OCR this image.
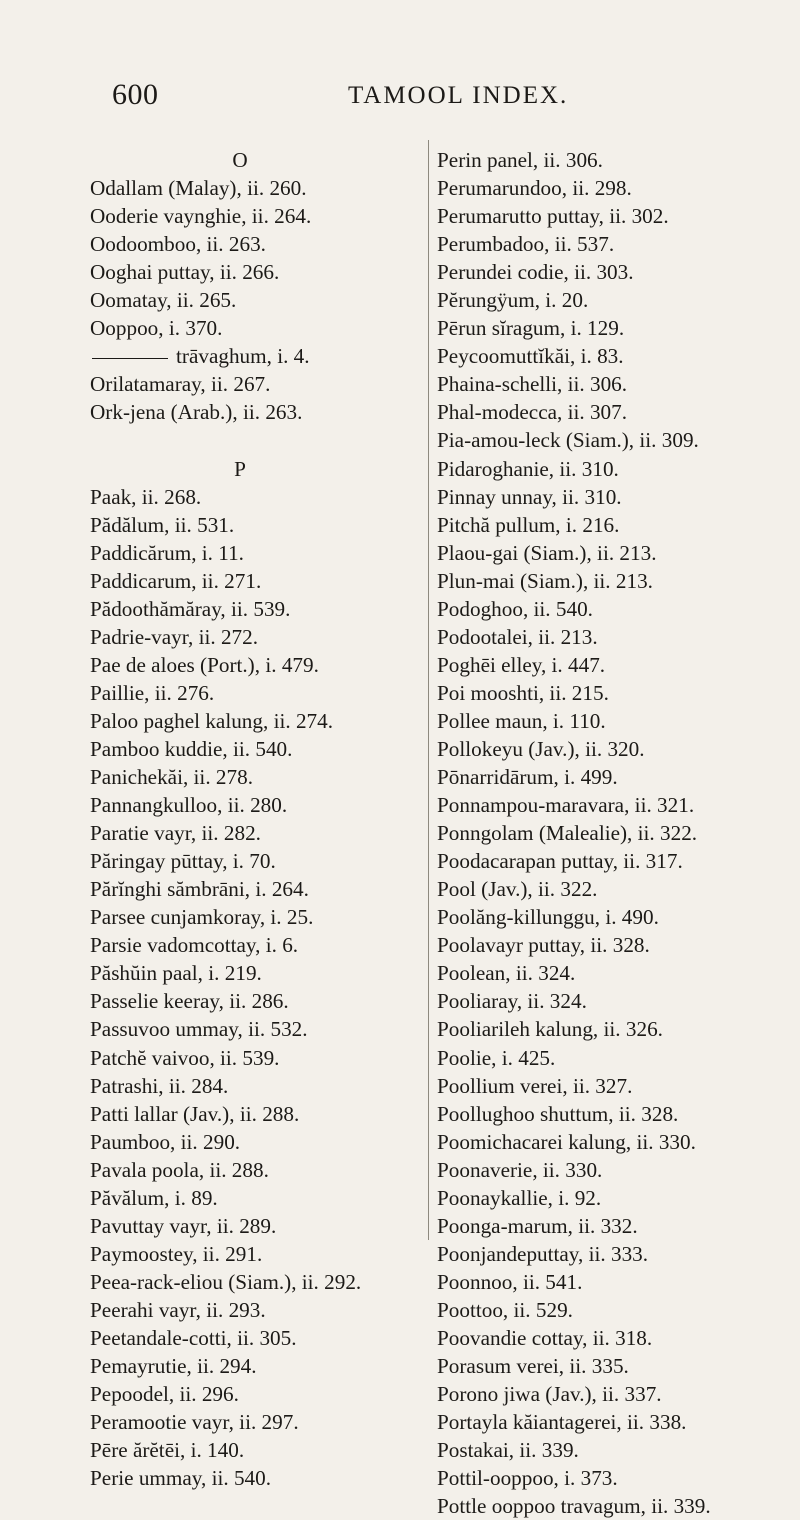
600	TAMOOL INDEX.
O
Odallam (Malay), ii. 260.
Ooderie vaynghie, ii. 264.
Oodoomboo, ii. 263.
Ooghai puttay, ii. 266.
Oomatay, ii. 265.
Ooppoo, i. 370.
trāvaghum, i. 4.
Orilatamaray, ii. 267.
Ork-jena (Arab.), ii. 263.

P
Paak, ii. 268.
Pădălum, ii. 531.
Paddicărum, i. 11.
Paddicarum, ii. 271.
Pădoothămăray, ii. 539.
Padrie-vayr, ii. 272.
Pae de aloes (Port.), i. 479.
Paillie, ii. 276.
Paloo paghel kalung, ii. 274.
Pamboo kuddie, ii. 540.
Panichekăi, ii. 278.
Pannangkulloo, ii. 280.
Paratie vayr, ii. 282.
Păringay pūttay, i. 70.
Părĭnghi sămbrāni, i. 264.
Parsee cunjamkoray, i. 25.
Parsie vadomcottay, i. 6.
Păshŭin paal, i. 219.
Passelie keeray, ii. 286.
Passuvoo ummay, ii. 532.
Patchĕ vaivoo, ii. 539.
Patrashi, ii. 284.
Patti lallar (Jav.), ii. 288.
Paumboo, ii. 290.
Pavala poola, ii. 288.
Păvălum, i. 89.
Pavuttay vayr, ii. 289.
Paymoostey, ii. 291.
Peea-rack-eliou (Siam.), ii. 292.
Peerahi vayr, ii. 293.
Peetandale-cotti, ii. 305.
Pemayrutie, ii. 294.
Pepoodel, ii. 296.
Peramootie vayr, ii. 297.
Pēre ărĕtēi, i. 140.
Perie ummay, ii. 540.
Perin panel, ii. 306.
Perumarundoo, ii. 298.
Perumarutto puttay, ii. 302.
Perumbadoo, ii. 537.
Perundei codie, ii. 303.
Pĕrungÿum, i. 20.
Pērun sĭragum, i. 129.
Peycoomuttĭkăi, i. 83.
Phaina-schelli, ii. 306.
Phal-modecca, ii. 307.
Pia-amou-leck (Siam.), ii. 309.
Pidaroghanie, ii. 310.
Pinnay unnay, ii. 310.
Pitchă pullum, i. 216.
Plaou-gai (Siam.), ii. 213.
Plun-mai (Siam.), ii. 213.
Podoghoo, ii. 540.
Podootalei, ii. 213.
Poghēi elley, i. 447.
Poi mooshti, ii. 215.
Pollee maun, i. 110.
Pollokeyu (Jav.), ii. 320.
Pōnarridārum, i. 499.
Ponnampou-maravara, ii. 321.
Ponngolam (Malealie), ii. 322.
Poodacarapan puttay, ii. 317.
Pool (Jav.), ii. 322.
Poolăng-killunggu, i. 490.
Poolavayr puttay, ii. 328.
Poolean, ii. 324.
Pooliaray, ii. 324.
Pooliarileh kalung, ii. 326.
Poolie, i. 425.
Poollium verei, ii. 327.
Poollughoo shuttum, ii. 328.
Poomichacarei kalung, ii. 330.
Poonaverie, ii. 330.
Poonaykallie, i. 92.
Poonga-marum, ii. 332.
Poonjandeputtay, ii. 333.
Poonnoo, ii. 541.
Poottoo, ii. 529.
Poovandie cottay, ii. 318.
Porasum verei, ii. 335.
Porono jiwa (Jav.), ii. 337.
Portayla kăiantagerei, ii. 338.
Postakai, ii. 339.
Pottil-ooppoo, i. 373.
Pottle ooppoo travagum, ii. 339.
